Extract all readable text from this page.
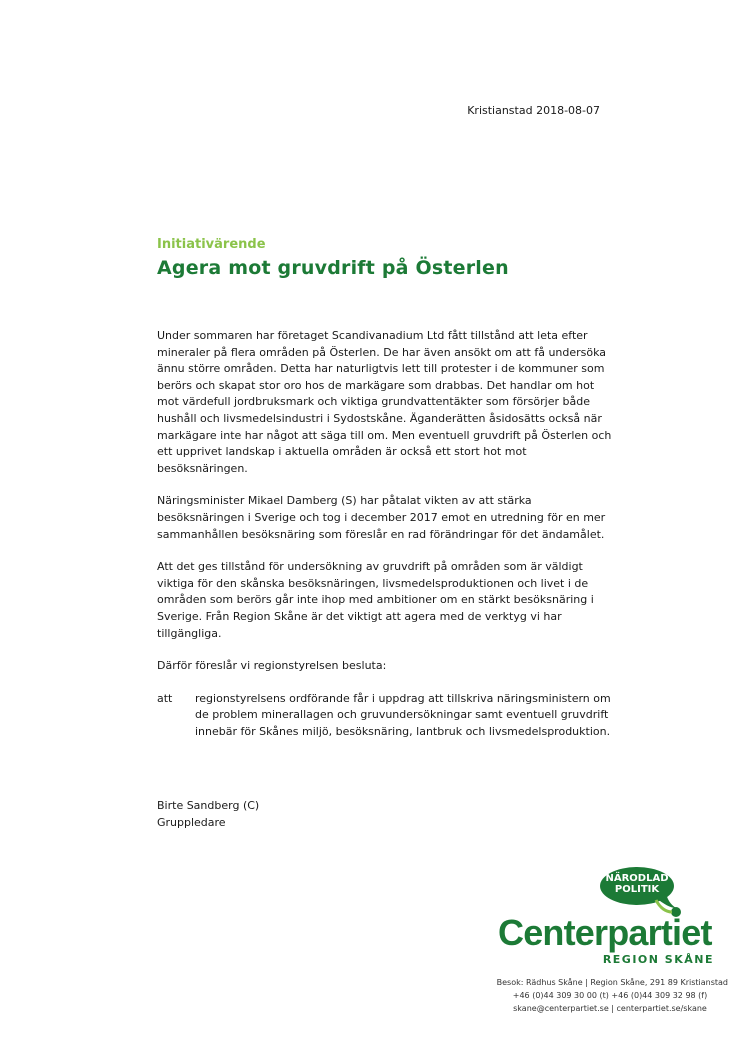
Kristianstad 2018-08-07
Initiativärende
Agera mot gruvdrift på Österlen

Under sommaren har företaget Scandivanadium Ltd fått tillstånd att leta efter mineraler på flera områden på Österlen. De har även ansökt om att få undersöka ännu större områden. Detta har naturligtvis lett till protester i de kommuner som berörs och skapat stor oro hos de markägare som drabbas. Det handlar om hot mot värdefull jordbruksmark och viktiga grundvattentäkter som försörjer både hushåll och livsmedelsindustri i Sydostskåne. Äganderätten åsidosätts också när markägare inte har något att säga till om. Men eventuell gruvdrift på Österlen och ett upprivet landskap i aktuella områden är också ett stort hot mot besöksnäringen.

Näringsminister Mikael Damberg (S) har påtalat vikten av att stärka besöksnäringen i Sverige och tog i december 2017 emot en utredning för en mer sammanhållen besöksnäring som föreslår en rad förändringar för det ändamålet.

Att det ges tillstånd för undersökning av gruvdrift på områden som är väldigt viktiga för den skånska besöksnäringen, livsmedelsproduktionen och livet i de områden som berörs går inte ihop med ambitioner om en stärkt besöksnäring i Sverige. Från Region Skåne är det viktigt att agera med de verktyg vi har tillgängliga.

Därför föreslår vi regionstyrelsen besluta:

att	regionstyrelsens ordförande får i uppdrag att tillskriva näringsministern om de problem minerallagen och gruvundersökningar samt eventuell gruvdrift innebär för Skånes miljö, besöksnäring, lantbruk och livsmedelsproduktion.
Birte Sandberg (C)
Gruppledare
NÄRODLAD
POLITIK
Centerpartiet
REGION SKÅNE
Besok: Rädhus Skåne | Region Skåne, 291 89 Kristianstad
+46 (0)44 309 30 00 (t) +46 (0)44 309 32 98 (f)
skane@centerpartiet.se | centerpartiet.se/skane
